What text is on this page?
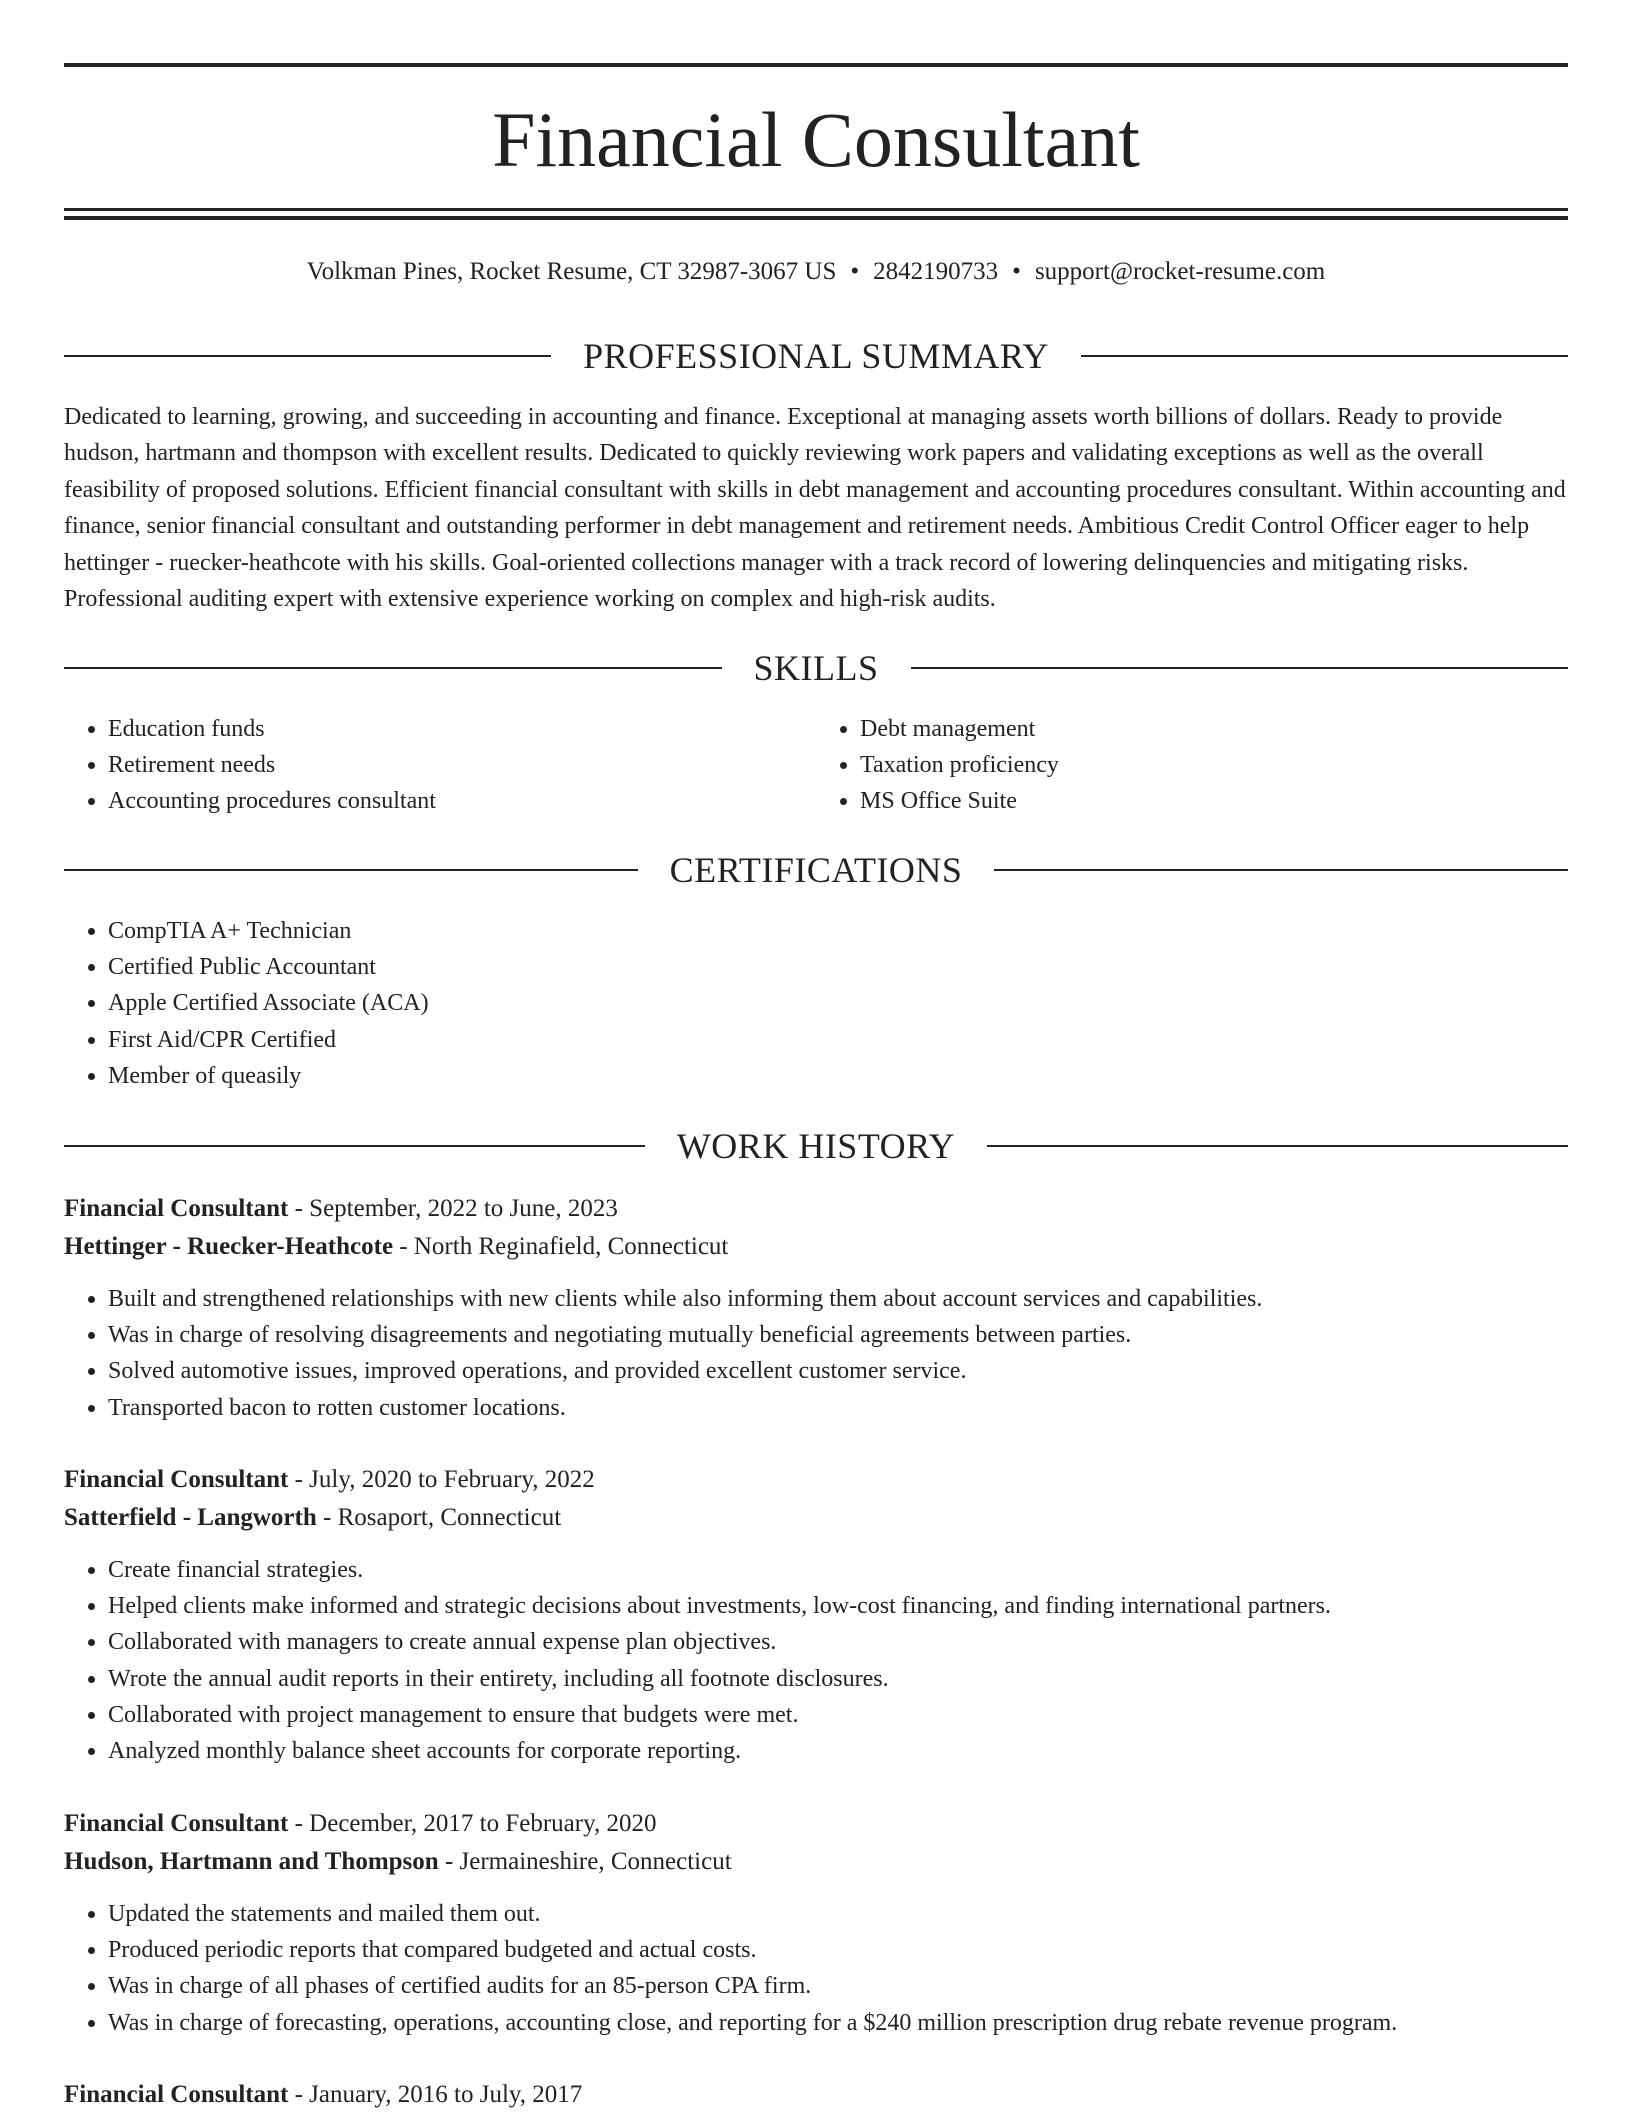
Financial Consultant
Volkman Pines, Rocket Resume, CT 32987-3067 US • 2842190733 • support@rocket-resume.com
PROFESSIONAL SUMMARY

Dedicated to learning, growing, and succeeding in accounting and finance. Exceptional at managing assets worth billions of dollars. Ready to provide hudson, hartmann and thompson with excellent results. Dedicated to quickly reviewing work papers and validating exceptions as well as the overall feasibility of proposed solutions. Efficient financial consultant with skills in debt management and accounting procedures consultant. Within accounting and finance, senior financial consultant and outstanding performer in debt management and retirement needs. Ambitious Credit Control Officer eager to help hettinger - ruecker-heathcote with his skills. Goal-oriented collections manager with a track record of lowering delinquencies and mitigating risks. Professional auditing expert with extensive experience working on complex and high-risk audits.

SKILLS
• Education funds
• Retirement needs
• Accounting procedures consultant
• Debt management
• Taxation proficiency
• MS Office Suite
CERTIFICATIONS
• CompTIA A+ Technician
• Certified Public Accountant
• Apple Certified Associate (ACA)
• First Aid/CPR Certified
• Member of queasily
WORK HISTORY

Financial Consultant - September, 2022 to June, 2023

Hettinger - Ruecker-Heathcote - North Reginafield, Connecticut

• Built and strengthened relationships with new clients while also informing them about account services and capabilities.
• Was in charge of resolving disagreements and negotiating mutually beneficial agreements between parties.
• Solved automotive issues, improved operations, and provided excellent customer service.
• Transported bacon to rotten customer locations.

Financial Consultant - July, 2020 to February, 2022

Satterfield - Langworth - Rosaport, Connecticut

• Create financial strategies.
• Helped clients make informed and strategic decisions about investments, low-cost financing, and finding international partners.
• Collaborated with managers to create annual expense plan objectives.
• Wrote the annual audit reports in their entirety, including all footnote disclosures.
• Collaborated with project management to ensure that budgets were met.
• Analyzed monthly balance sheet accounts for corporate reporting.

Financial Consultant - December, 2017 to February, 2020

Hudson, Hartmann and Thompson - Jermaineshire, Connecticut

• Updated the statements and mailed them out.
• Produced periodic reports that compared budgeted and actual costs.
• Was in charge of all phases of certified audits for an 85-person CPA firm.
• Was in charge of forecasting, operations, accounting close, and reporting for a $240 million prescription drug rebate revenue program.

Financial Consultant - January, 2016 to July, 2017
